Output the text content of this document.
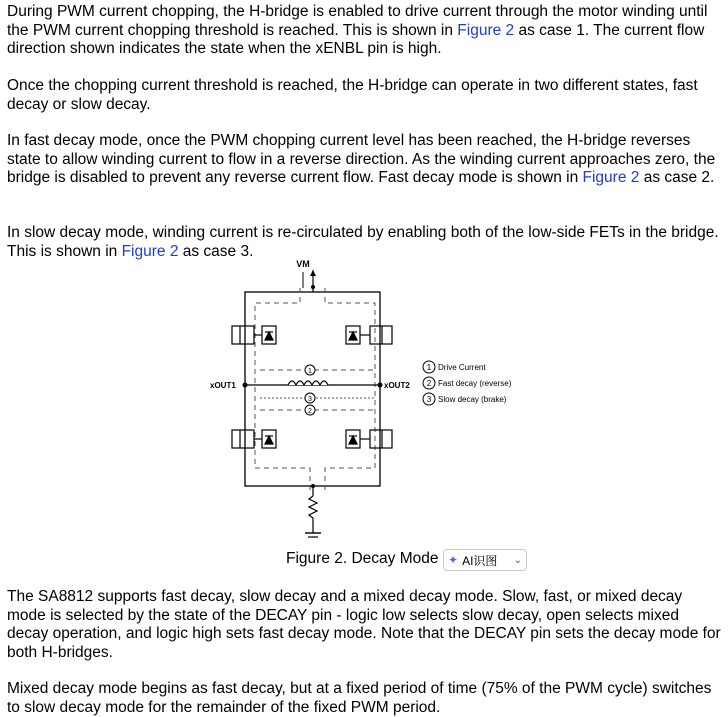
During PWM current chopping, the H-bridge is enabled to drive current through the motor winding until the PWM current chopping threshold is reached. This is shown in Figure 2 as case 1. The current flow direction shown indicates the state when the xENBL pin is high.

Once the chopping current threshold is reached, the H-bridge can operate in two different states, fast decay or slow decay.

In fast decay mode, once the PWM chopping current level has been reached, the H-bridge reverses state to allow winding current to flow in a reverse direction. As the winding current approaches zero, the bridge is disabled to prevent any reverse current flow. Fast decay mode is shown in Figure 2 as case 2.

In slow decay mode, winding current is re-circulated by enabling both of the low-side FETs in the bridge. This is shown in Figure 2 as case 3.

VM
xOUT1	xOUT2
1
3
2
1 Drive Current
2 Fast decay (reverse)
3 Slow decay (brake)
Figure 2. Decay Mode ✦ AI识图 ⌄

The SA8812 supports fast decay, slow decay and a mixed decay mode. Slow, fast, or mixed decay mode is selected by the state of the DECAY pin - logic low selects slow decay, open selects mixed decay operation, and logic high sets fast decay mode. Note that the DECAY pin sets the decay mode for both H-bridges.

Mixed decay mode begins as fast decay, but at a fixed period of time (75% of the PWM cycle) switches to slow decay mode for the remainder of the fixed PWM period.
